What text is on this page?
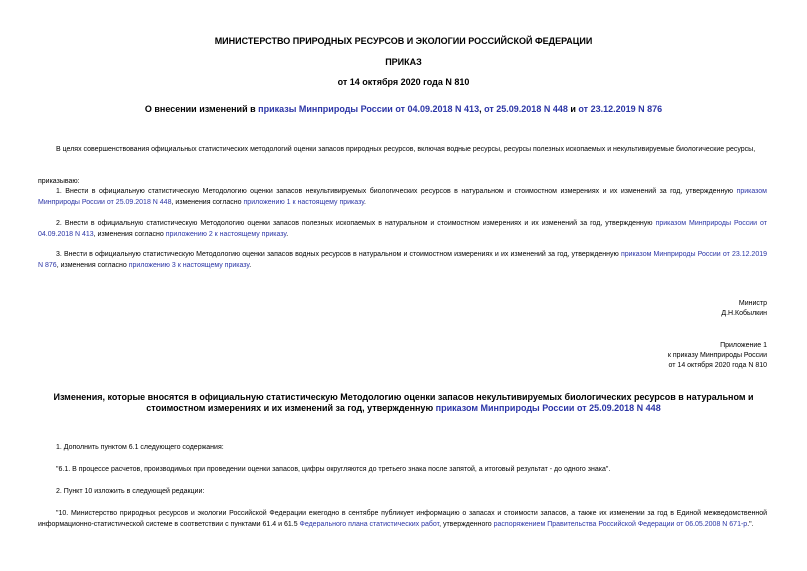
МИНИСТЕРСТВО ПРИРОДНЫХ РЕСУРСОВ И ЭКОЛОГИИ РОССИЙСКОЙ ФЕДЕРАЦИИ
ПРИКАЗ
от 14 октября 2020 года N 810
О внесении изменений в приказы Минприроды России от 04.09.2018 N 413, от 25.09.2018 N 448 и от 23.12.2019 N 876
В целях совершенствования официальных статистических методологий оценки запасов природных ресурсов, включая водные ресурсы, ресурсы полезных ископаемых и некультивируемые биологические ресурсы,
приказываю:
1. Внести в официальную статистическую Методологию оценки запасов некультивируемых биологических ресурсов в натуральном и стоимостном измерениях и их изменений за год, утвержденную приказом Минприроды России от 25.09.2018 N 448, изменения согласно приложению 1 к настоящему приказу.
2. Внести в официальную статистическую Методологию оценки запасов полезных ископаемых в натуральном и стоимостном измерениях и их изменений за год, утвержденную приказом Минприроды России от 04.09.2018 N 413, изменения согласно приложению 2 к настоящему приказу.
3. Внести в официальную статистическую Методологию оценки запасов водных ресурсов в натуральном и стоимостном измерениях и их изменений за год, утвержденную приказом Минприроды России от 23.12.2019 N 876, изменения согласно приложению 3 к настоящему приказу.
Министр
Д.Н.Кобылкин
Приложение 1
к приказу Минприроды России
от 14 октября 2020 года N 810
Изменения, которые вносятся в официальную статистическую Методологию оценки запасов некультивируемых биологических ресурсов в натуральном и стоимостном измерениях и их изменений за год, утвержденную приказом Минприроды России от 25.09.2018 N 448
1. Дополнить пунктом 6.1 следующего содержания:
"6.1. В процессе расчетов, производимых при проведении оценки запасов, цифры округляются до третьего знака после запятой, а итоговый результат - до одного знака".
2. Пункт 10 изложить в следующей редакции:
"10. Министерство природных ресурсов и экологии Российской Федерации ежегодно в сентябре публикует информацию о запасах и стоимости запасов, а также их изменении за год в Единой межведомственной информационно-статистической системе в соответствии с пунктами 61.4 и 61.5 Федерального плана статистических работ, утвержденного распоряжением Правительства Российской Федерации от 06.05.2008 N 671-р.".
